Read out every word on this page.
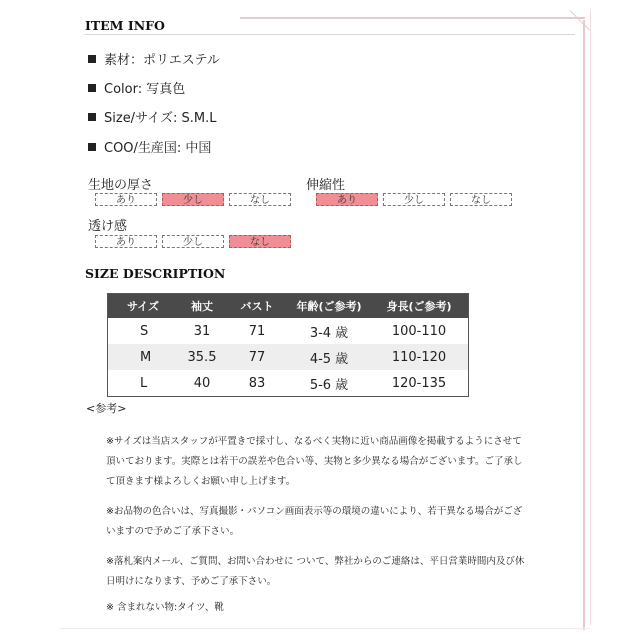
ITEM INFO
素材：ポリエステル
Color: 写真色
Size/サイズ: S.M.L
COO/生産国: 中国
生地の厚さ
あり	少し	なし
伸縮性
あり	少し	なし
透け感
あり	少し	なし
SIZE DESCRIPTION
サイズ	袖丈	バスト	年齢(ご参考)	身長(ご参考)
S	31	71	3-4 歳	100-110
M	35.5	77	4-5 歳	110-120
L	40	83	5-6 歳	120-135
<参考>
※サイズは当店スタッフが平置きで採寸し、なるべく実物に近い商品画像を掲載するようにさせて頂いております。実際とは若干の誤差や色合い等、実物と多少異なる場合がございます。ご了承して頂きます様よろしくお願い申し上げます。
※お品物の色合いは、写真撮影・パソコン画面表示等の環境の違いにより、若干異なる場合がございますので予めご了承下さい。
※落札案内メール、ご質問、お問い合わせに ついて、弊社からのご連絡は、平日営業時間内及び休日明けになります、予めご了承下さい。
※ 含まれない物:タイツ、靴
